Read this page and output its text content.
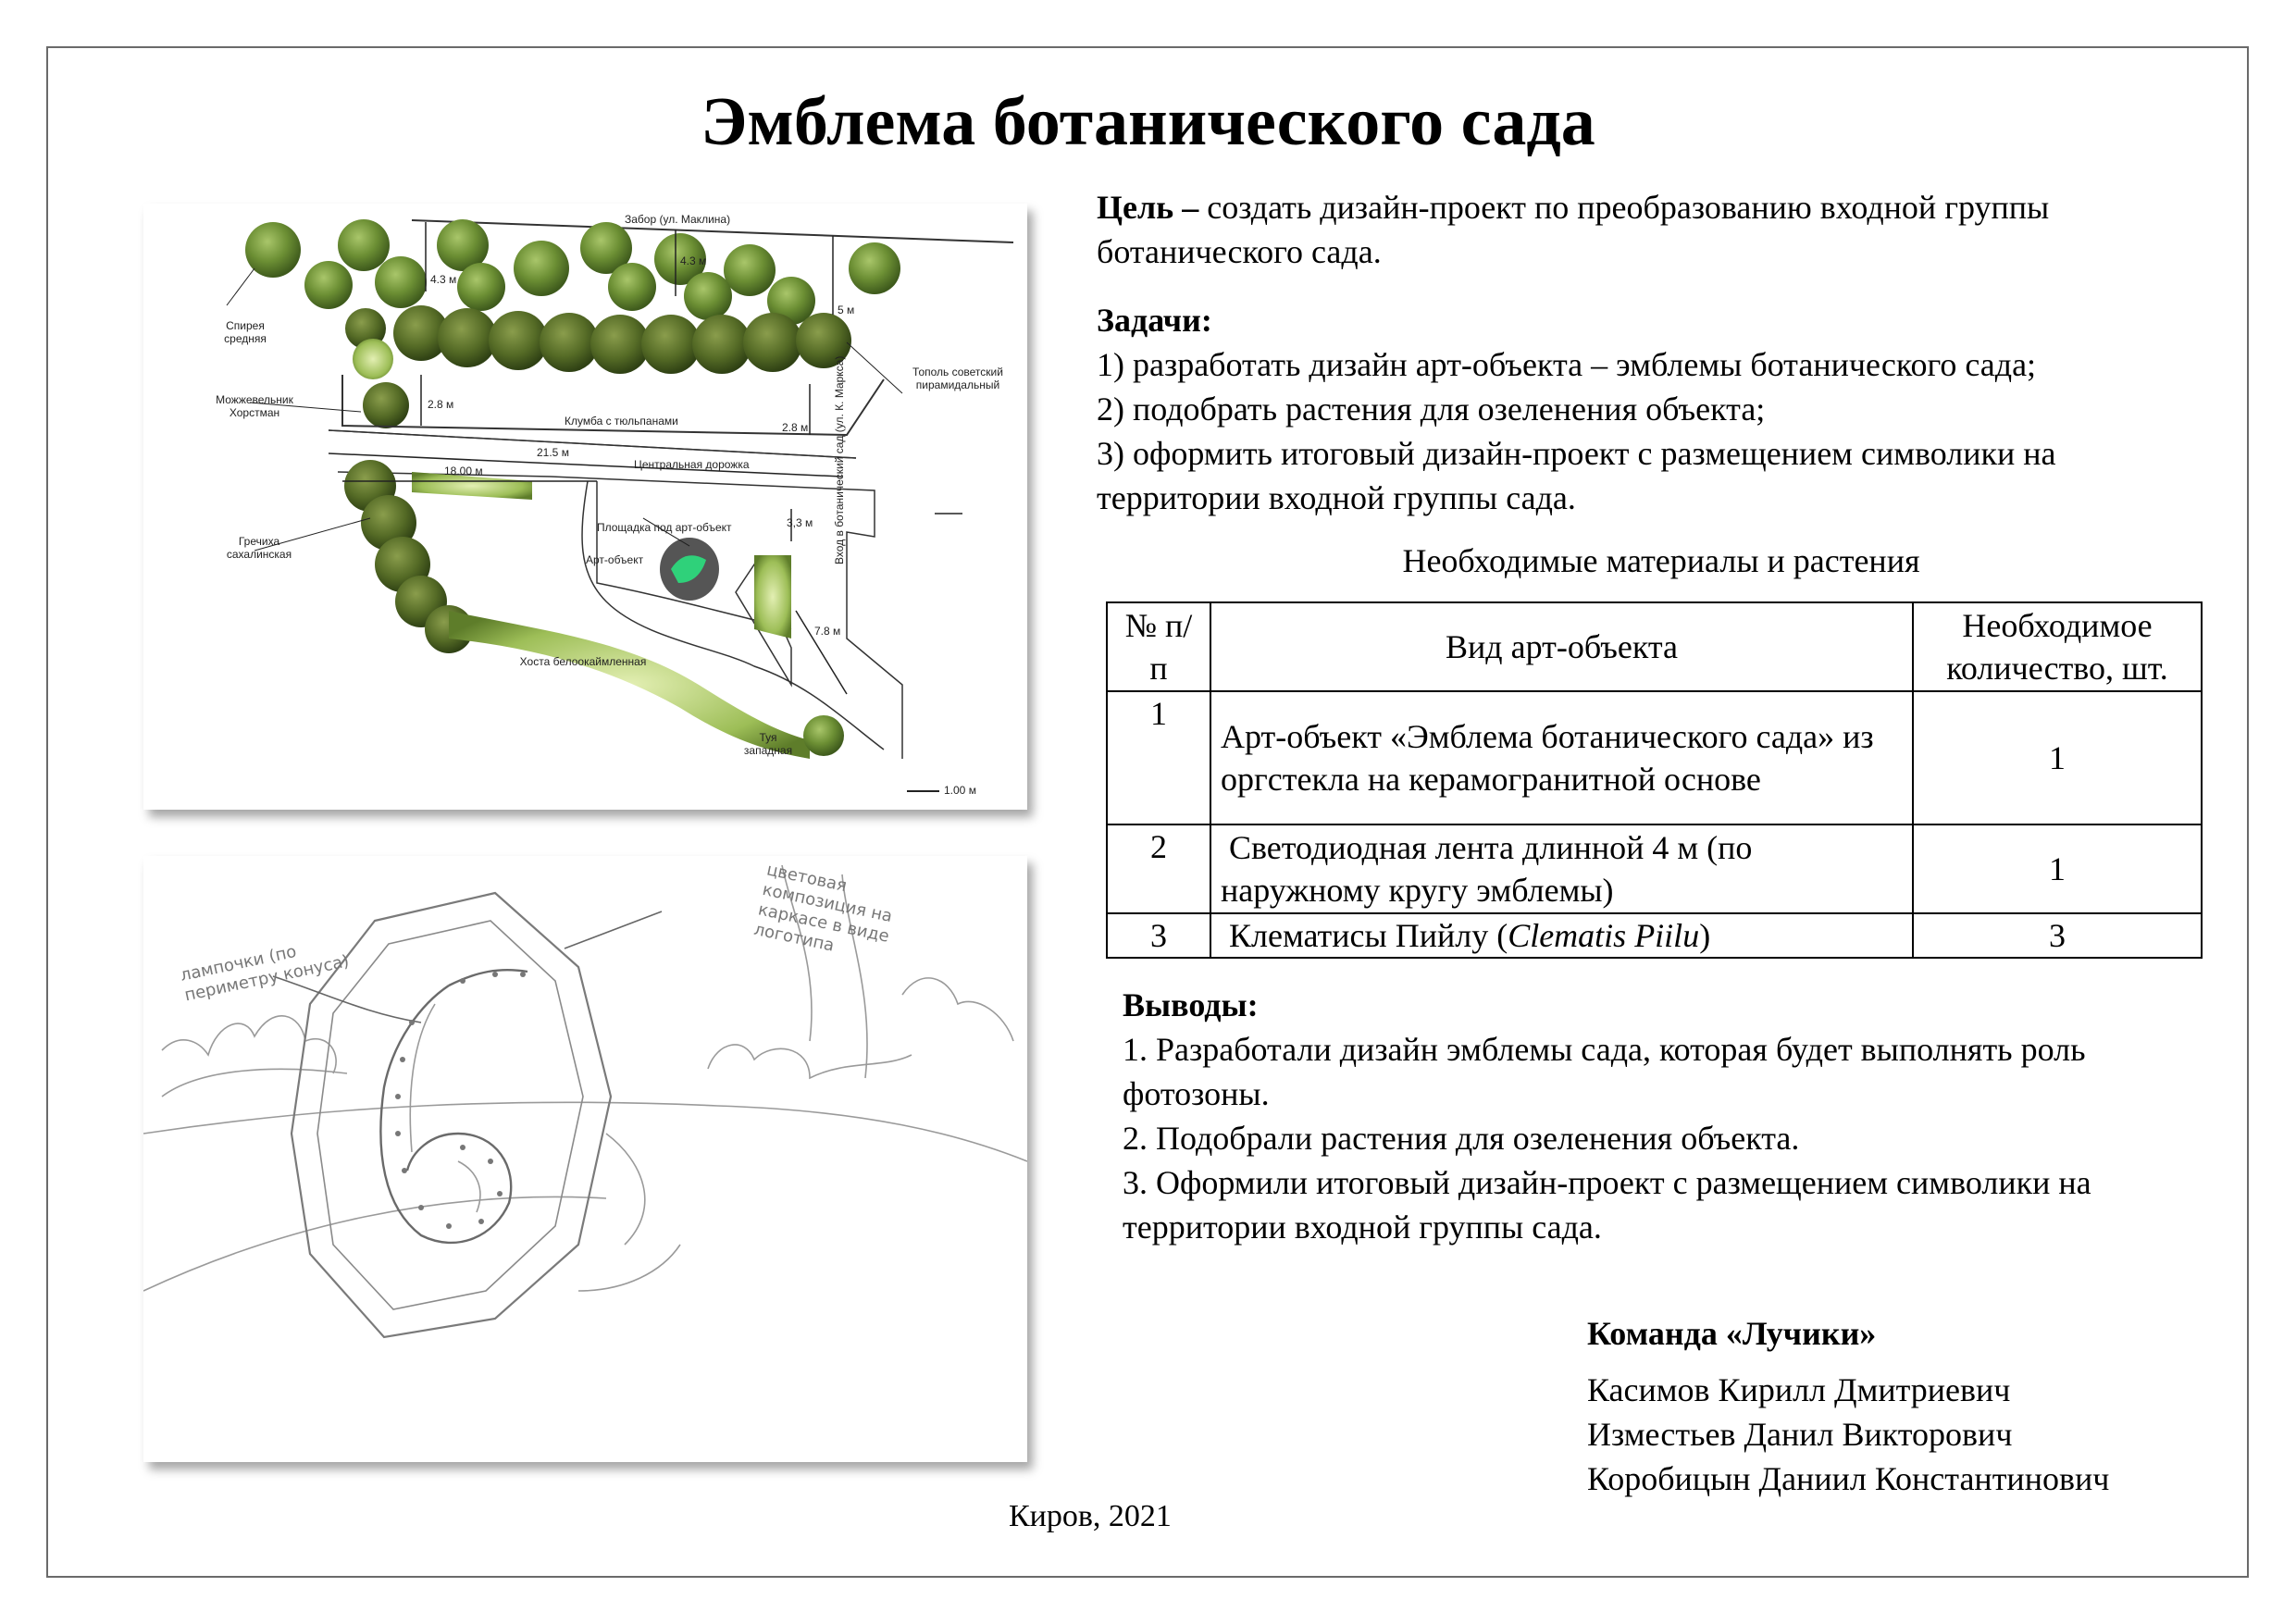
Эмблема ботанического сада
Забор (ул. Маклина)
Спирея средняя
Тополь советский пирамидальный
Можжевельник Хорстман
Клумба с тюльпанами
Центральная дорожка
Площадка под арт-объект
Арт-объект
Гречиха сахалинская
Хоста белоокаймленная
Туя западная
Вход в ботанический сад (ул. К. Маркса)
4.3 м
4.3 м
5 м
2.8 м
2.8 м
21.5 м
18.00 м
3,3 м
7.8 м
1.00 м
лампочки (по периметру конуса)
цветовая композиция на каркасе в виде логотипа

Цель – создать дизайн-проект по преобразованию входной группы ботанического сада.

Задачи:

1) разработать дизайн арт-объекта – эмблемы ботанического сада;

2) подобрать растения для озеленения объекта;

3) оформить итоговый дизайн-проект с размещением символики на территории входной группы сада.

Необходимые материалы и растения
№ п/п	Вид арт-объекта	Необходимое количество, шт.
1	Арт-объект «Эмблема ботанического сада» из оргстекла на керамогранитной основе	1
2	Светодиодная лента длинной 4 м (по наружному кругу эмблемы)	1
3	Клематисы Пийлу (Clematis Piilu)	3

Выводы:

1. Разработали дизайн эмблемы сада, которая будет выполнять роль фотозоны.

2. Подобрали растения для озеленения объекта.

3. Оформили итоговый дизайн-проект с размещением символики на территории входной группы сада.

Команда «Лучики»
Касимов Кирилл Дмитриевич
Изместьев Данил Викторович
Коробицын Даниил Константинович
Киров, 2021
